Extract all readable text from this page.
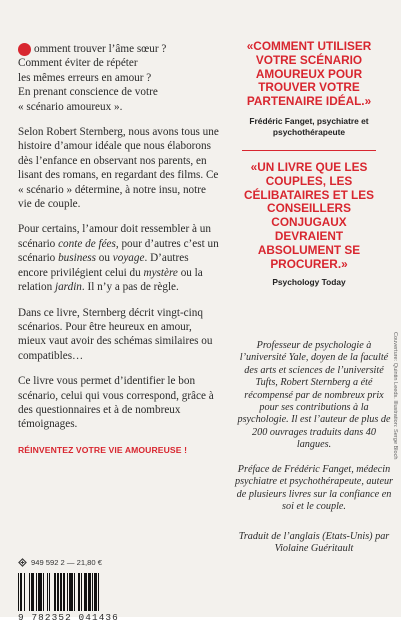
omment trouver l’âme sœur ?
Comment éviter de répéter
les mêmes erreurs en amour ?
En prenant conscience de votre
« scénario amoureux ».

Selon Robert Sternberg, nous avons tous une histoire d’amour idéale que nous élaborons dès l’enfance en observant nos parents, en lisant des romans, en regardant des films. Ce « scénario » détermine, à notre insu, notre vie de couple.

Pour certains, l’amour doit ressembler à un scénario conte de fées, pour d’autres c’est un scénario business ou voyage. D’autres encore privilégient celui du mystère ou la relation jardin. Il n’y a pas de règle.

Dans ce livre, Sternberg décrit vingt-cinq scénarios. Pour être heureux en amour, mieux vaut avoir des schémas similaires ou compatibles…

Ce livre vous permet d’identifier le bon scénario, celui qui vous correspond, grâce à des questionnaires et à de nombreux témoignages.

RÉINVENTEZ VOTRE VIE AMOUREUSE !
«COMMENT UTILISER VOTRE SCÉNARIO AMOUREUX POUR TROUVER VOTRE PARTENAIRE IDÉAL.»
Frédéric Fanget, psychiatre et psychothérapeute
«UN LIVRE QUE LES COUPLES, LES CÉLIBATAIRES ET LES CONSEILLERS CONJUGAUX DEVRAIENT ABSOLUMENT SE PROCURER.»
Psychology Today
Professeur de psychologie à l’université Yale, doyen de la faculté des arts et sciences de l’université Tufts, Robert Sternberg a été récompensé par de nombreux prix pour ses contributions à la psychologie. Il est l’auteur de plus de 200 ouvrages traduits dans 40 langues.
Préface de Frédéric Fanget, médecin psychiatre et psychothérapeute, auteur de plusieurs livres sur la confiance en soi et le couple.
Traduit de l’anglais (Etats-Unis) par Violaine Guéritault
Couverture: Quintin Leeds. Illustration: Serge Bloch
949 592 2 — 21,80 €
9 782352 041436
